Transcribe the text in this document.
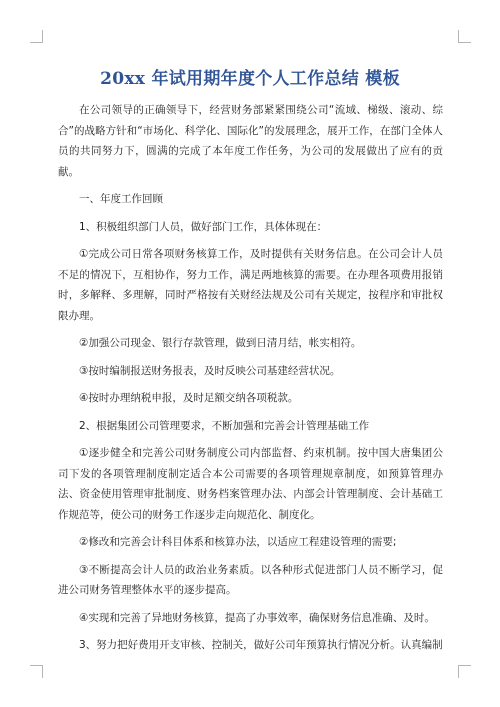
20xx 年试用期年度个人工作总结 模板

在公司领导的正确领导下，经营财务部紧紧围绕公司“流域、梯级、滚动、综合”的战略方针和“市场化、科学化、国际化”的发展理念，展开工作，在部门全体人员的共同努力下，圆满的完成了本年度工作任务，为公司的发展做出了应有的贡献。

一、年度工作回顾

1、积极组织部门人员，做好部门工作，具体体现在：

①完成公司日常各项财务核算工作，及时提供有关财务信息。在公司会计人员不足的情况下，互相协作，努力工作，满足两地核算的需要。在办理各项费用报销时，多解释、多理解，同时严格按有关财经法规及公司有关规定，按程序和审批权限办理。

②加强公司现金、银行存款管理，做到日清月结，帐实相符。

③按时编制报送财务报表，及时反映公司基建经营状况。

④按时办理纳税申报，及时足额交纳各项税款。

2、根据集团公司管理要求，不断加强和完善会计管理基础工作

①逐步健全和完善公司财务制度公司内部监督、约束机制。按中国大唐集团公司下发的各项管理制度制定适合本公司需要的各项管理规章制度，如预算管理办法、资金使用管理审批制度、财务档案管理办法、内部会计管理制度、会计基础工作规范等，使公司的财务工作逐步走向规范化、制度化。

②修改和完善会计科目体系和核算办法，以适应工程建设管理的需要;

③不断提高会计人员的政治业务素质。以各种形式促进部门人员不断学习，促进公司财务管理整体水平的逐步提高。

④实现和完善了异地财务核算，提高了办事效率，确保财务信息准确、及时。

3、努力把好费用开支审核、控制关，做好公司年预算执行情况分析。认真编制
